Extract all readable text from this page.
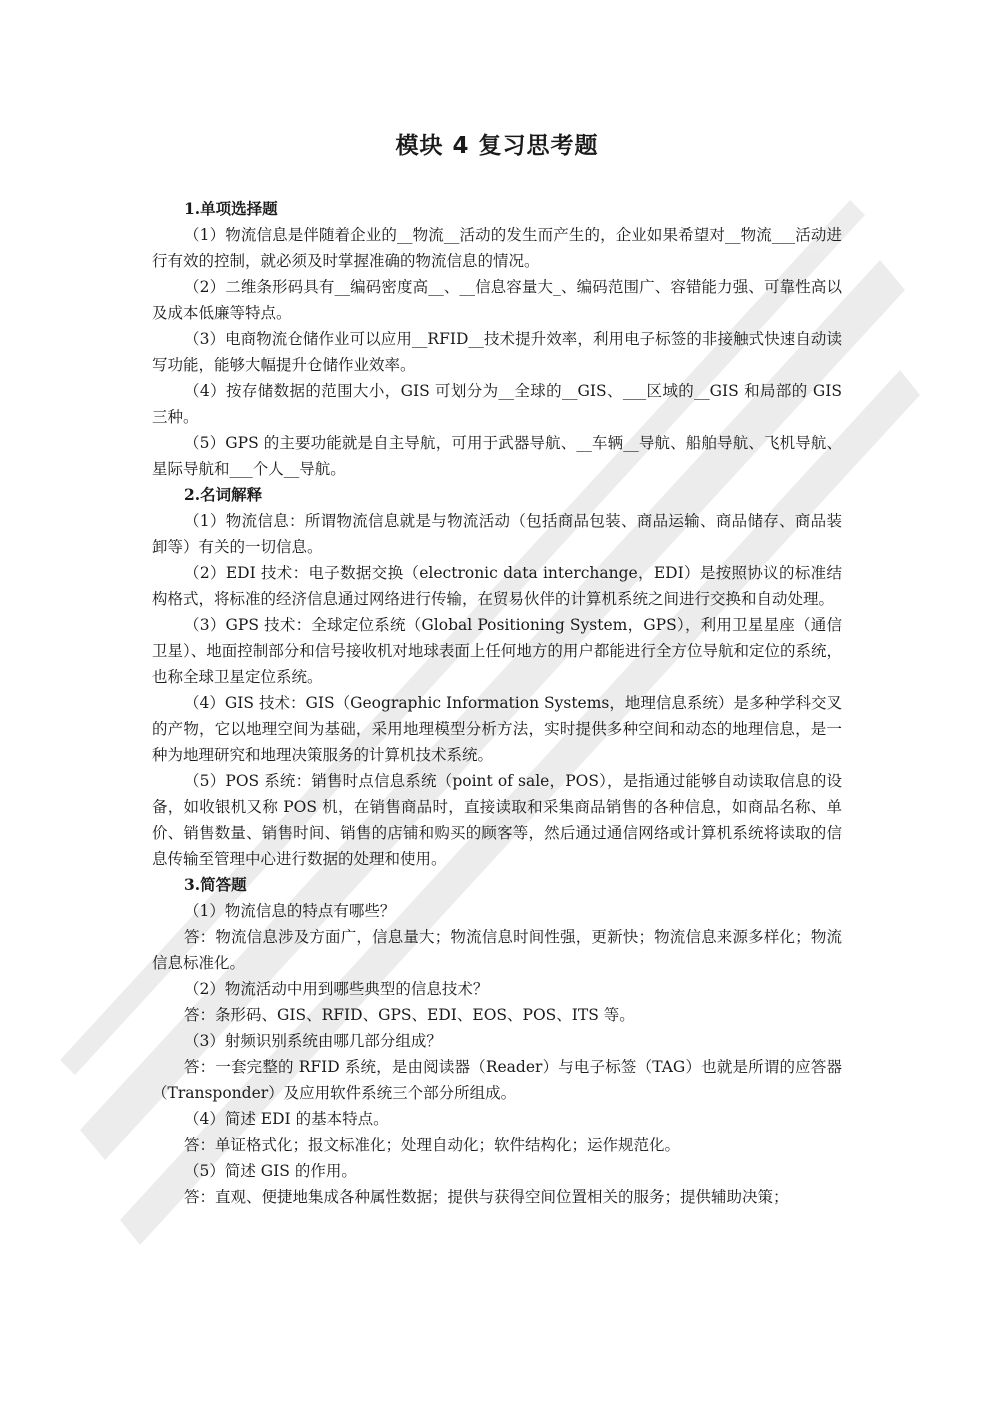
模块 4 复习思考题

1.单项选择题

（1）物流信息是伴随着企业的__物流__活动的发生而产生的，企业如果希望对__物流___活动进行有效的控制，就必须及时掌握准确的物流信息的情况。

（2）二维条形码具有__编码密度高__、__信息容量大_、编码范围广、容错能力强、可靠性高以及成本低廉等特点。

（3）电商物流仓储作业可以应用__RFID__技术提升效率，利用电子标签的非接触式快速自动读写功能，能够大幅提升仓储作业效率。

（4）按存储数据的范围大小，GIS 可划分为__全球的__GIS、___区域的__GIS 和局部的 GIS 三种。

（5）GPS 的主要功能就是自主导航，可用于武器导航、__车辆__导航、船舶导航、飞机导航、星际导航和___个人__导航。

2.名词解释

（1）物流信息：所谓物流信息就是与物流活动（包括商品包装、商品运输、商品储存、商品装卸等）有关的一切信息。

（2）EDI 技术：电子数据交换（electronic data interchange，EDI）是按照协议的标准结构格式，将标准的经济信息通过网络进行传输，在贸易伙伴的计算机系统之间进行交换和自动处理。

（3）GPS 技术：全球定位系统（Global Positioning System，GPS），利用卫星星座（通信卫星）、地面控制部分和信号接收机对地球表面上任何地方的用户都能进行全方位导航和定位的系统，也称全球卫星定位系统。

（4）GIS 技术：GIS（Geographic Information Systems，地理信息系统）是多种学科交叉的产物，它以地理空间为基础，采用地理模型分析方法，实时提供多种空间和动态的地理信息，是一种为地理研究和地理决策服务的计算机技术系统。

（5）POS 系统：销售时点信息系统（point of sale，POS），是指通过能够自动读取信息的设备，如收银机又称 POS 机，在销售商品时，直接读取和采集商品销售的各种信息，如商品名称、单价、销售数量、销售时间、销售的店铺和购买的顾客等，然后通过通信网络或计算机系统将读取的信息传输至管理中心进行数据的处理和使用。

3.简答题

（1）物流信息的特点有哪些？

答：物流信息涉及方面广，信息量大；物流信息时间性强，更新快；物流信息来源多样化；物流信息标准化。

（2）物流活动中用到哪些典型的信息技术？

答：条形码、GIS、RFID、GPS、EDI、EOS、POS、ITS 等。

（3）射频识别系统由哪几部分组成？

答：一套完整的 RFID 系统，是由阅读器（Reader）与电子标签（TAG）也就是所谓的应答器（Transponder）及应用软件系统三个部分所组成。

（4）简述 EDI 的基本特点。

答：单证格式化；报文标准化；处理自动化；软件结构化；运作规范化。

（5）简述 GIS 的作用。

答：直观、便捷地集成各种属性数据；提供与获得空间位置相关的服务；提供辅助决策；
